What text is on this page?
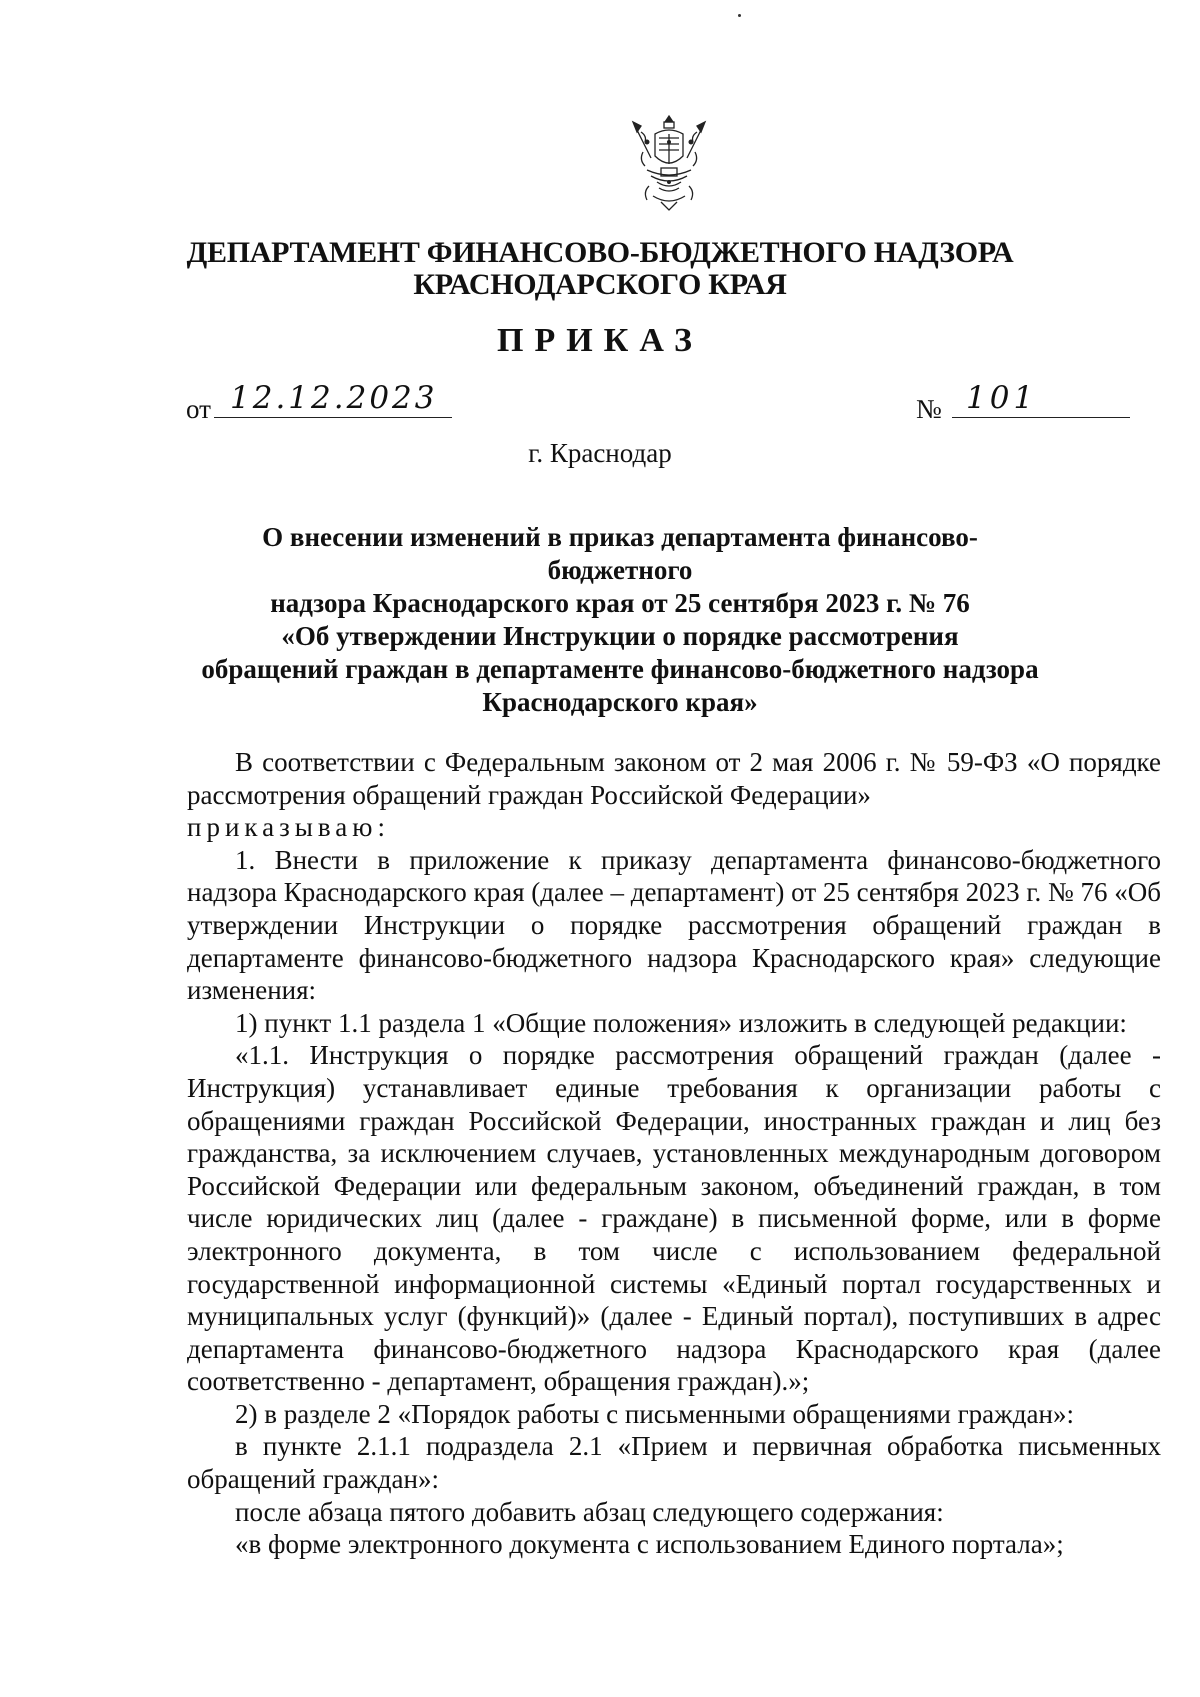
ДЕПАРТАМЕНТ ФИНАНСОВО-БЮДЖЕТНОГО НАДЗОРА
КРАСНОДАРСКОГО КРАЯ
ПРИКАЗ
от 12.12.2023	№ 101
г. Краснодар
О внесении изменений в приказ департамента финансово-бюджетного
надзора Краснодарского края от 25 сентября 2023 г. № 76
«Об утверждении Инструкции о порядке рассмотрения
обращений граждан в департаменте финансово-бюджетного надзора
Краснодарского края»

В соответствии с Федеральным законом от 2 мая 2006 г. № 59-ФЗ «О порядке рассмотрения обращений граждан Российской Федерации»

приказываю:

1. Внести в приложение к приказу департамента финансово-бюджетного надзора Краснодарского края (далее – департамент) от 25 сентября 2023 г. № 76 «Об утверждении Инструкции о порядке рассмотрения обращений граждан в департаменте финансово-бюджетного надзора Краснодарского края» следующие изменения:

1) пункт 1.1 раздела 1 «Общие положения» изложить в следующей редакции:

«1.1. Инструкция о порядке рассмотрения обращений граждан (далее - Инструкция) устанавливает единые требования к организации работы с обращениями граждан Российской Федерации, иностранных граждан и лиц без гражданства, за исключением случаев, установленных международным договором Российской Федерации или федеральным законом, объединений граждан, в том числе юридических лиц (далее - граждане) в письменной форме, или в форме электронного документа, в том числе с использованием федеральной государственной информационной системы «Единый портал государственных и муниципальных услуг (функций)» (далее - Единый портал), поступивших в адрес департамента финансово-бюджетного надзора Краснодарского края (далее соответственно - департамент, обращения граждан).»;

2) в разделе 2 «Порядок работы с письменными обращениями граждан»:

в пункте 2.1.1 подраздела 2.1 «Прием и первичная обработка письменных обращений граждан»:

после абзаца пятого добавить абзац следующего содержания:

«в форме электронного документа с использованием Единого портала»;
